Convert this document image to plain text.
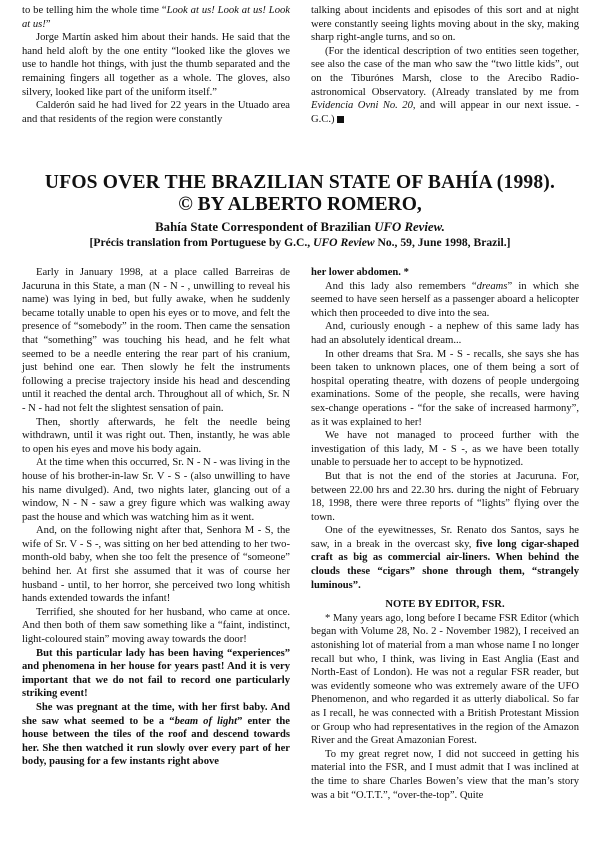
to be telling him the whole time “Look at us! Look at us! Look at us!”

Jorge Martín asked him about their hands. He said that the hand held aloft by the one entity “looked like the gloves we use to handle hot things, with just the thumb separated and the remaining fingers all together as a whole. The gloves, also silvery, looked like part of the uniform itself.”

Calderón said he had lived for 22 years in the Utuado area and that residents of the region were constantly

talking about incidents and episodes of this sort and at night were constantly seeing lights moving about in the sky, making sharp right-angle turns, and so on.

(For the identical description of two entities seen together, see also the case of the man who saw the “two little kids”, out on the Tiburónes Marsh, close to the Arecibo Radio-astronomical Observatory. (Already translated by me from Evidencia Ovni No. 20, and will appear in our next issue. -G.C.)

UFOS OVER THE BRAZILIAN STATE OF BAHÍA (1998).
© BY ALBERTO ROMERO,
Bahía State Correspondent of Brazilian UFO Review.
[Précis translation from Portuguese by G.C., UFO Review No., 59, June 1998, Brazil.]

Early in January 1998, at a place called Barreiras de Jacuruna in this State, a man (N - N - , unwilling to reveal his name) was lying in bed, but fully awake, when he suddenly became totally unable to open his eyes or to move, and felt the presence of “somebody” in the room. Then came the sensation that “something” was touching his head, and he felt what seemed to be a needle entering the rear part of his cranium, just behind one ear. Then slowly he felt the instruments following a precise trajectory inside his head and descending until it reached the dental arch. Throughout all of which, Sr. N - N - had not felt the slightest sensation of pain.

Then, shortly afterwards, he felt the needle being withdrawn, until it was right out. Then, instantly, he was able to open his eyes and move his body again.

At the time when this occurred, Sr. N - N - was living in the house of his brother-in-law Sr. V - S - (also unwilling to have his name divulged). And, two nights later, glancing out of a window, N - N - saw a grey figure which was walking away past the house and which was watching him as it went.

And, on the following night after that, Senhora M - S, the wife of Sr. V - S -, was sitting on her bed attending to her two-month-old baby, when she too felt the presence of “someone” behind her. At first she assumed that it was of course her husband - until, to her horror, she perceived two long whitish hands extended towards the infant!

Terrified, she shouted for her husband, who came at once. And then both of them saw something like a “faint, indistinct, light-coloured stain” moving away towards the door!

But this particular lady has been having “experiences” and phenomena in her house for years past! And it is very important that we do not fail to record one particularly striking event!

She was pregnant at the time, with her first baby. And she saw what seemed to be a “beam of light” enter the house between the tiles of the roof and descend towards her. She then watched it run slowly over every part of her body, pausing for a few instants right above

her lower abdomen. *

And this lady also remembers “dreams” in which she seemed to have seen herself as a passenger aboard a helicopter which then proceeded to dive into the sea.

And, curiously enough - a nephew of this same lady has had an absolutely identical dream...

In other dreams that Sra. M - S - recalls, she says she has been taken to unknown places, one of them being a sort of hospital operating theatre, with dozens of people undergoing examinations. Some of the people, she recalls, were having sex-change operations - “for the sake of increased harmony”, as it was explained to her!

We have not managed to proceed further with the investigation of this lady, M - S -, as we have been totally unable to persuade her to accept to be hypnotized.

But that is not the end of the stories at Jacuruna. For, between 22.00 hrs and 22.30 hrs. during the night of February 18, 1998, there were three reports of “lights” flying over the town.

One of the eyewitnesses, Sr. Renato dos Santos, says he saw, in a break in the overcast sky, five long cigar-shaped craft as big as commercial air-liners. When behind the clouds these “cigars” shone through them, “strangely luminous”.

NOTE BY EDITOR, FSR.

* Many years ago, long before I became FSR Editor (which began with Volume 28, No. 2 - November 1982), I received an astonishing lot of material from a man whose name I no longer recall but who, I think, was living in East Anglia (East and North-East of London). He was not a regular FSR reader, but was evidently someone who was extremely aware of the UFO Phenomenon, and who regarded it as utterly diabolical. So far as I recall, he was connected with a British Protestant Mission or Group who had representatives in the region of the Amazon River and the Great Amazonian Forest.

To my great regret now, I did not succeed in getting his material into the FSR, and I must admit that I was inclined at the time to share Charles Bowen’s view that the man’s story was a bit “O.T.T.”, “over-the-top”. Quite
